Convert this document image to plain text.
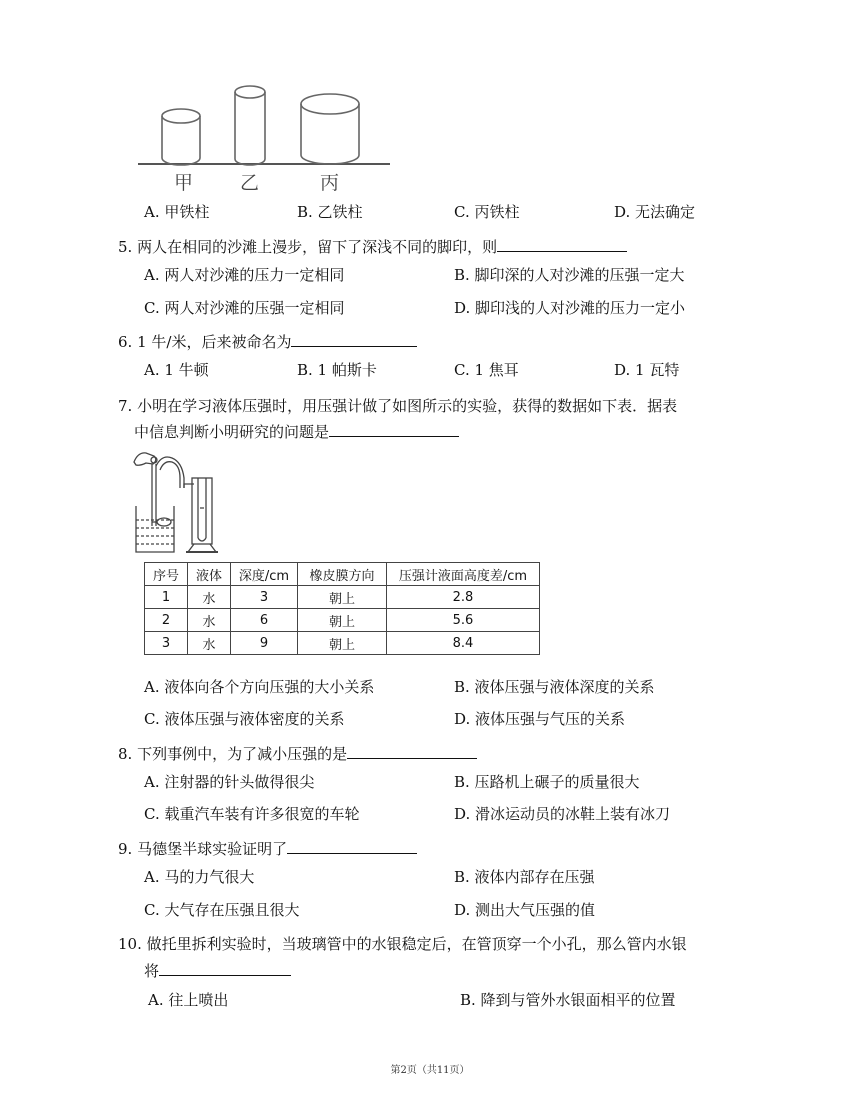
甲 乙	丙
A. 甲铁柱	B. 乙铁柱	C. 丙铁柱	D. 无法确定
5. 两人在相同的沙滩上漫步，留下了深浅不同的脚印，则
A. 两人对沙滩的压力一定相同	B. 脚印深的人对沙滩的压强一定大
C. 两人对沙滩的压强一定相同	D. 脚印浅的人对沙滩的压力一定小
6. 1 牛/米，后来被命名为
A. 1 牛顿	B. 1 帕斯卡	C. 1 焦耳	D. 1 瓦特
7. 小明在学习液体压强时，用压强计做了如图所示的实验，获得的数据如下表．据表
中信息判断小明研究的问题是
序号	液体	深度/cm	橡皮膜方向	压强计液面高度差/cm
1	水	3	朝上	2.8
2	水	6	朝上	5.6
3	水	9	朝上	8.4
A. 液体向各个方向压强的大小关系	B. 液体压强与液体深度的关系
C. 液体压强与液体密度的关系	D. 液体压强与气压的关系
8. 下列事例中，为了减小压强的是
A. 注射器的针头做得很尖	B. 压路机上碾子的质量很大
C. 载重汽车装有许多很宽的车轮	D. 滑冰运动员的冰鞋上装有冰刀
9. 马德堡半球实验证明了
A. 马的力气很大	B. 液体内部存在压强
C. 大气存在压强且很大	D. 测出大气压强的值
10. 做托里拆利实验时，当玻璃管中的水银稳定后，在管顶穿一个小孔，那么管内水银
将
A. 往上喷出	B. 降到与管外水银面相平的位置
第2页（共11页）
